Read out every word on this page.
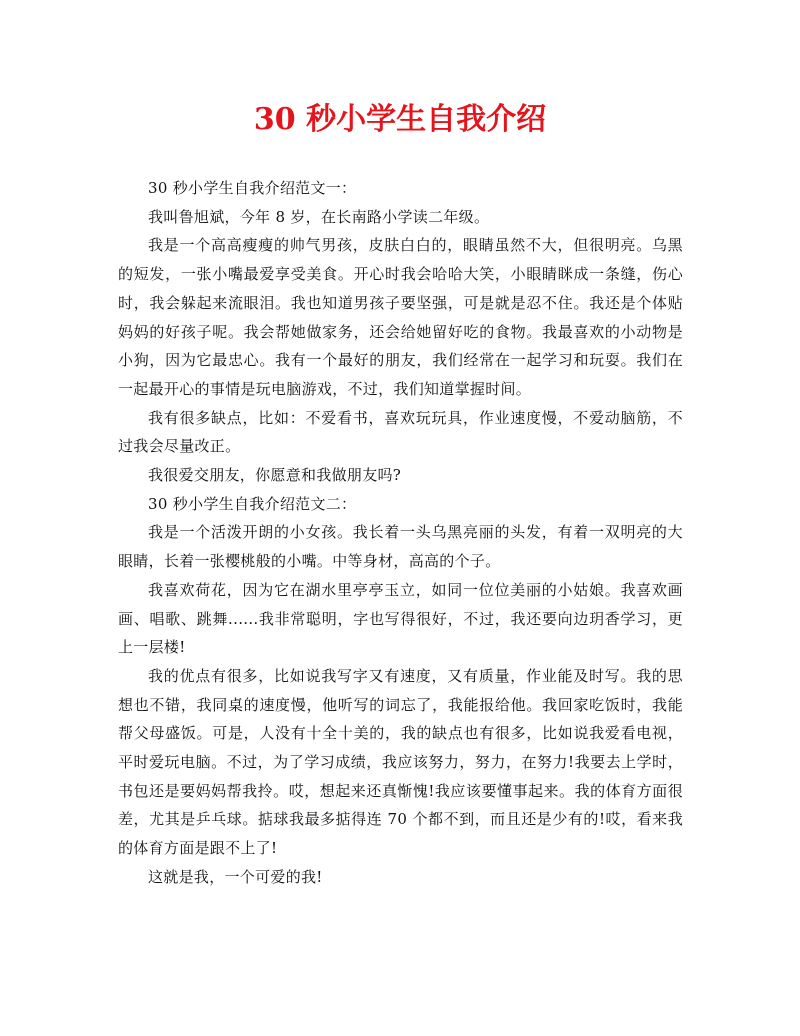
30 秒小学生自我介绍

30 秒小学生自我介绍范文一：

我叫鲁旭斌，今年 8 岁，在长南路小学读二年级。

我是一个高高瘦瘦的帅气男孩，皮肤白白的，眼睛虽然不大，但很明亮。乌黑的短发，一张小嘴最爱享受美食。开心时我会哈哈大笑，小眼睛眯成一条缝，伤心时，我会躲起来流眼泪。我也知道男孩子要坚强，可是就是忍不住。我还是个体贴妈妈的好孩子呢。我会帮她做家务，还会给她留好吃的食物。我最喜欢的小动物是小狗，因为它最忠心。我有一个最好的朋友，我们经常在一起学习和玩耍。我们在一起最开心的事情是玩电脑游戏，不过，我们知道掌握时间。

我有很多缺点，比如：不爱看书，喜欢玩玩具，作业速度慢，不爱动脑筋，不过我会尽量改正。

我很爱交朋友，你愿意和我做朋友吗?

30 秒小学生自我介绍范文二：

我是一个活泼开朗的小女孩。我长着一头乌黑亮丽的头发，有着一双明亮的大眼睛，长着一张樱桃般的小嘴。中等身材，高高的个子。

我喜欢荷花，因为它在湖水里亭亭玉立，如同一位位美丽的小姑娘。我喜欢画画、唱歌、跳舞......我非常聪明，字也写得很好，不过，我还要向边玥香学习，更上一层楼!

我的优点有很多，比如说我写字又有速度，又有质量，作业能及时写。我的思想也不错，我同桌的速度慢，他听写的词忘了，我能报给他。我回家吃饭时，我能帮父母盛饭。可是，人没有十全十美的，我的缺点也有很多，比如说我爱看电视，平时爱玩电脑。不过，为了学习成绩，我应该努力，努力，在努力!我要去上学时，书包还是要妈妈帮我拎。哎，想起来还真惭愧!我应该要懂事起来。我的体育方面很差，尤其是乒乓球。掂球我最多掂得连 70 个都不到，而且还是少有的!哎，看来我的体育方面是跟不上了!

这就是我，一个可爱的我!
